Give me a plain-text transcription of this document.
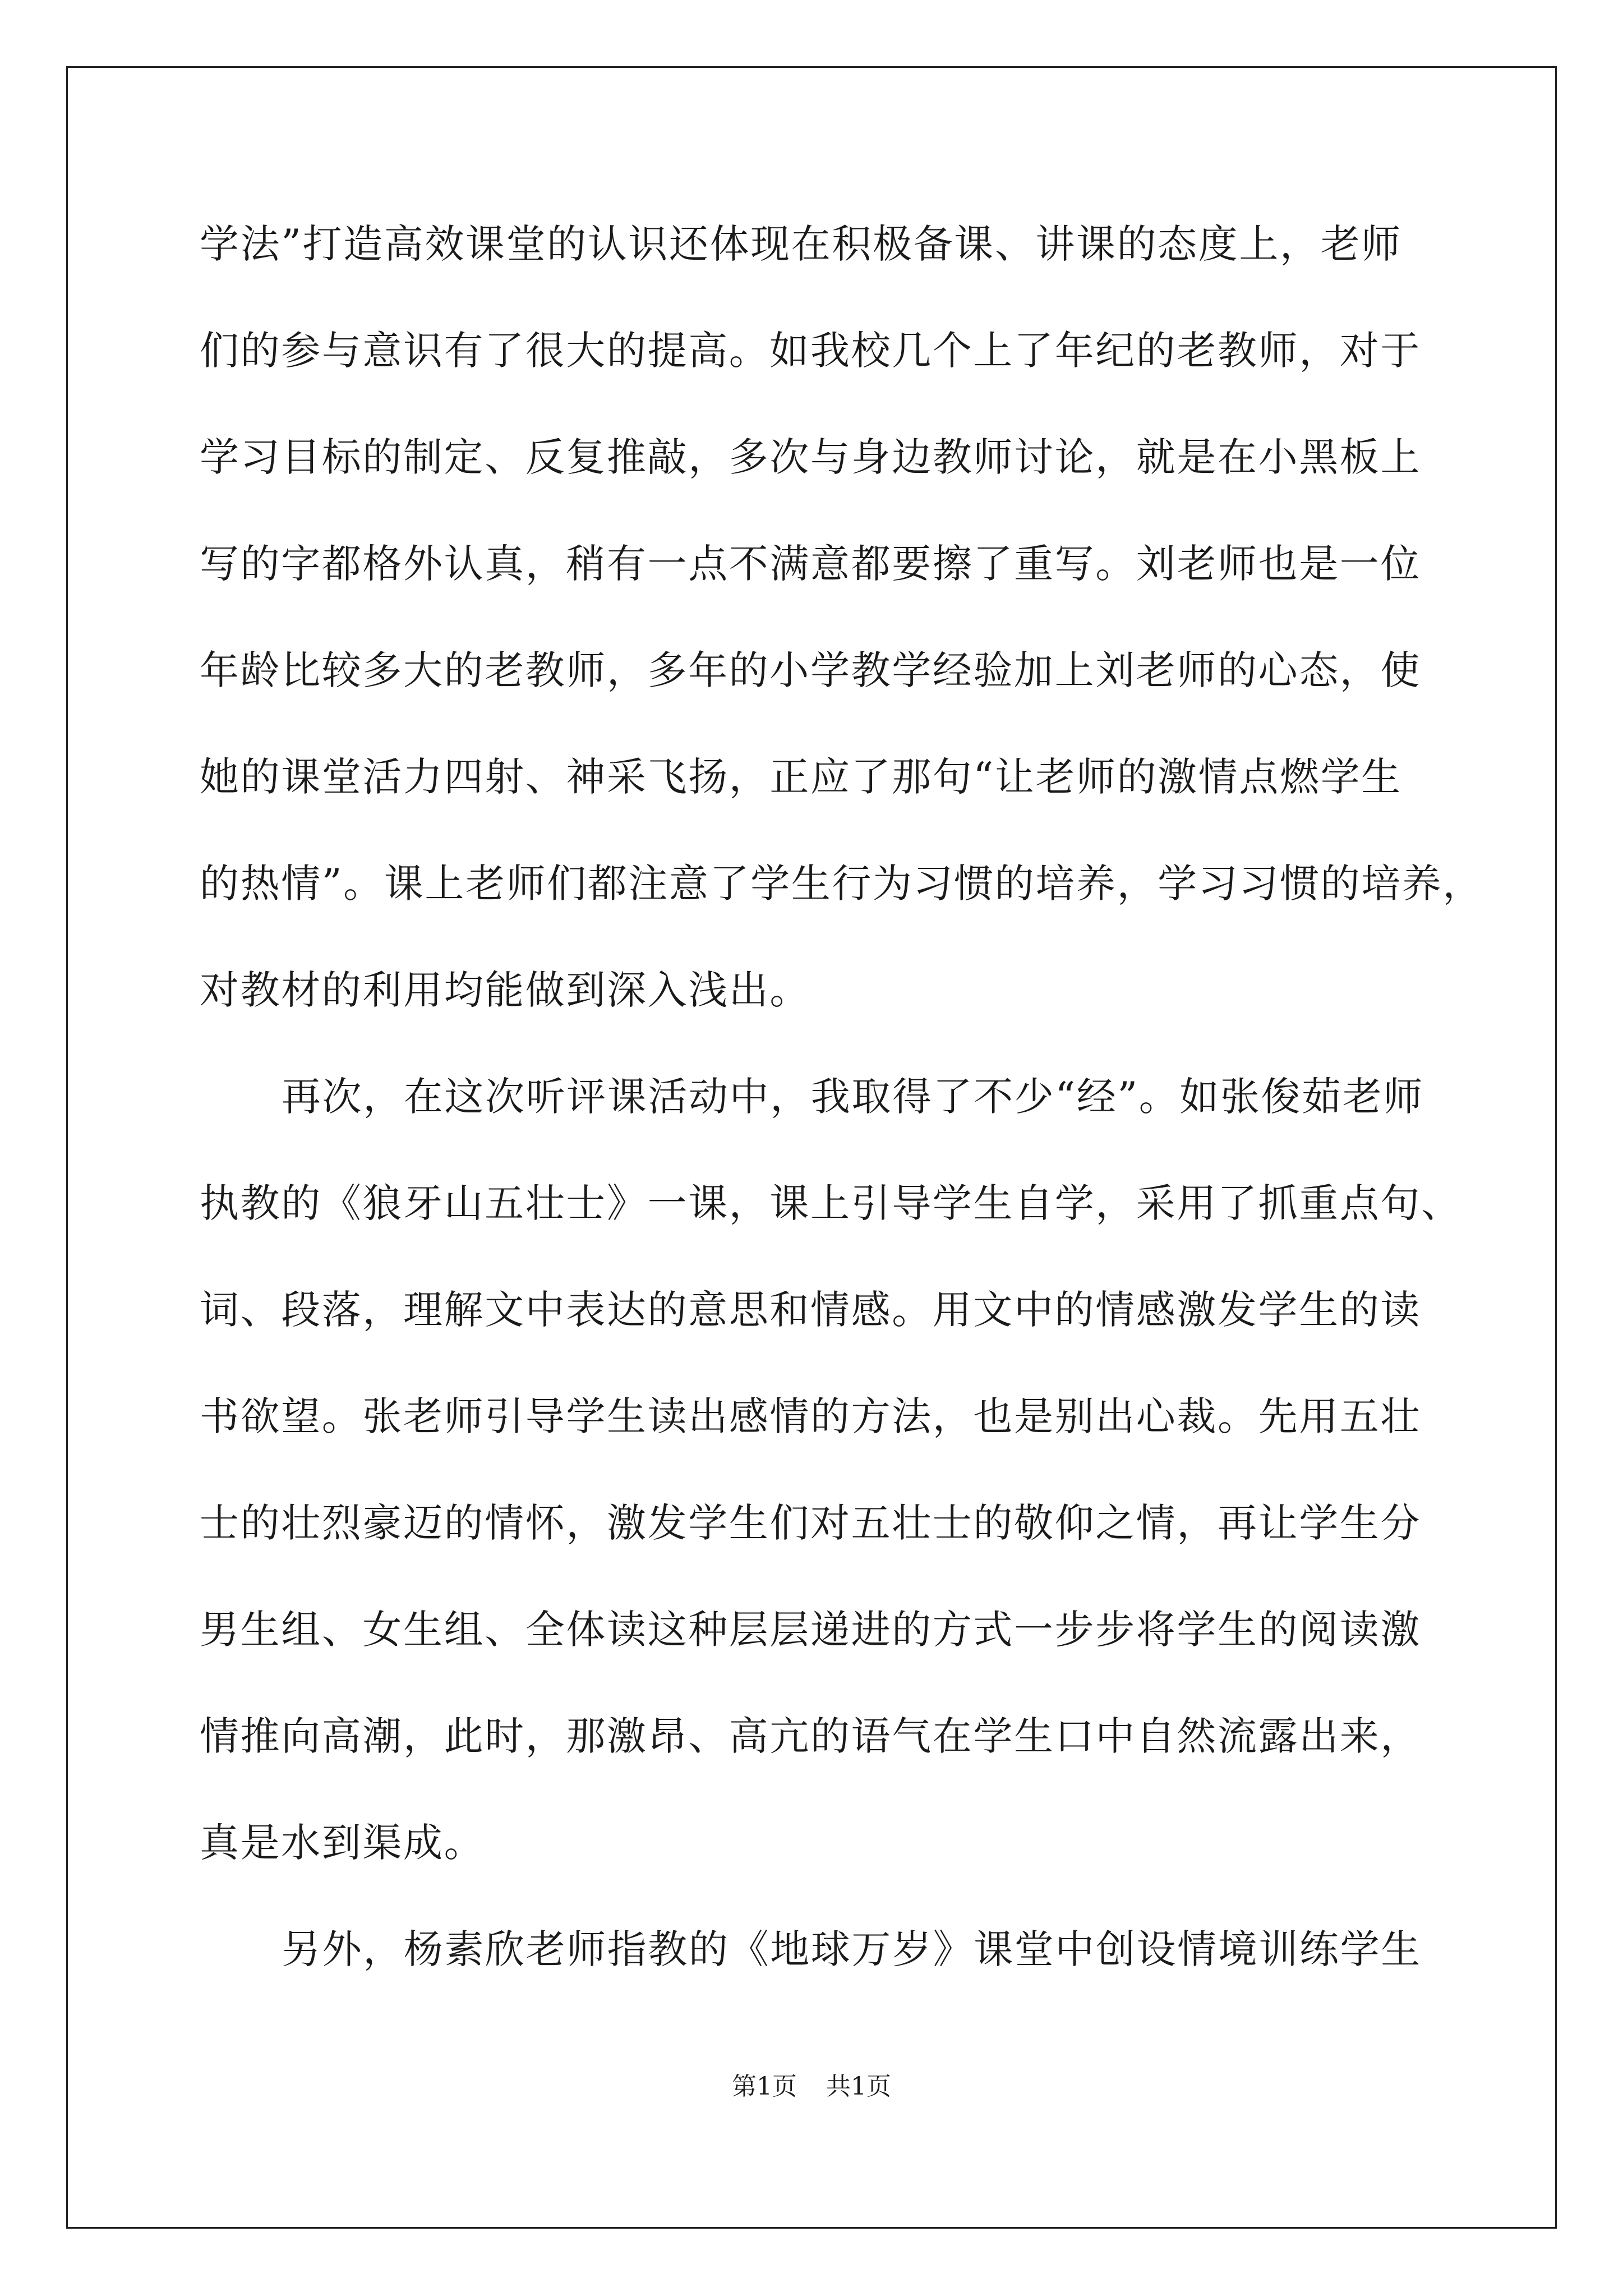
学法”打造高效课堂的认识还体现在积极备课、讲课的态度上，老师
们的参与意识有了很大的提高。如我校几个上了年纪的老教师，对于
学习目标的制定、反复推敲，多次与身边教师讨论，就是在小黑板上
写的字都格外认真，稍有一点不满意都要擦了重写。刘老师也是一位
年龄比较多大的老教师，多年的小学教学经验加上刘老师的心态，使
她的课堂活力四射、神采飞扬，正应了那句“让老师的激情点燃学生
的热情”。课上老师们都注意了学生行为习惯的培养，学习习惯的培养，
对教材的利用均能做到深入浅出。
再次，在这次听评课活动中，我取得了不少“经”。如张俊茹老师
执教的《狼牙山五壮士》一课，课上引导学生自学，采用了抓重点句、
词、段落，理解文中表达的意思和情感。用文中的情感激发学生的读
书欲望。张老师引导学生读出感情的方法，也是别出心裁。先用五壮
士的壮烈豪迈的情怀，激发学生们对五壮士的敬仰之情，再让学生分
男生组、女生组、全体读这种层层递进的方式一步步将学生的阅读激
情推向高潮，此时，那激昂、高亢的语气在学生口中自然流露出来，
真是水到渠成。
另外，杨素欣老师指教的《地球万岁》课堂中创设情境训练学生
第1页 共1页
